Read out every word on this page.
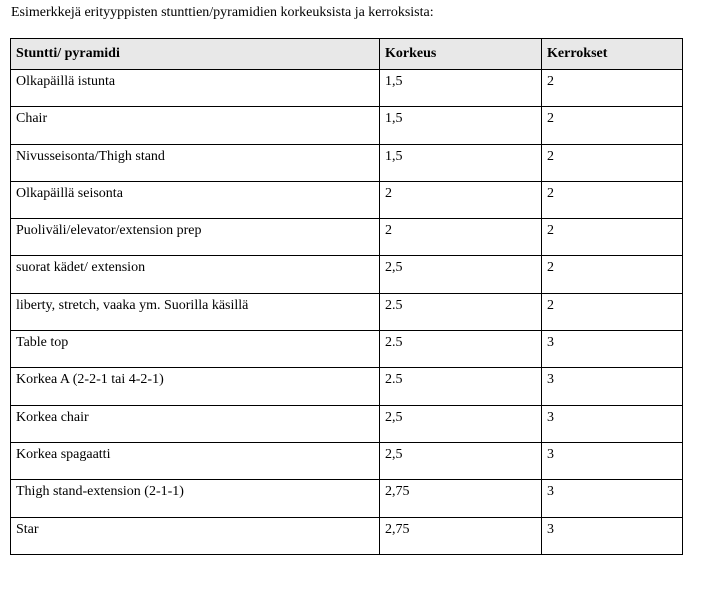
Esimerkkejä erityyppisten stunttien/pyramidien korkeuksista ja kerroksista:
Stuntti/ pyramidi	Korkeus	Kerrokset
Olkapäillä istunta	1,5	2
Chair	1,5	2
Nivusseisonta/Thigh stand	1,5	2
Olkapäillä seisonta	2	2
Puoliväli/elevator/extension prep	2	2
suorat kädet/ extension	2,5	2
liberty, stretch, vaaka ym. Suorilla käsillä	2.5	2
Table top	2.5	3
Korkea A (2-2-1 tai 4-2-1)	2.5	3
Korkea chair	2,5	3
Korkea spagaatti	2,5	3
Thigh stand-extension (2-1-1)	2,75	3
Star	2,75	3
